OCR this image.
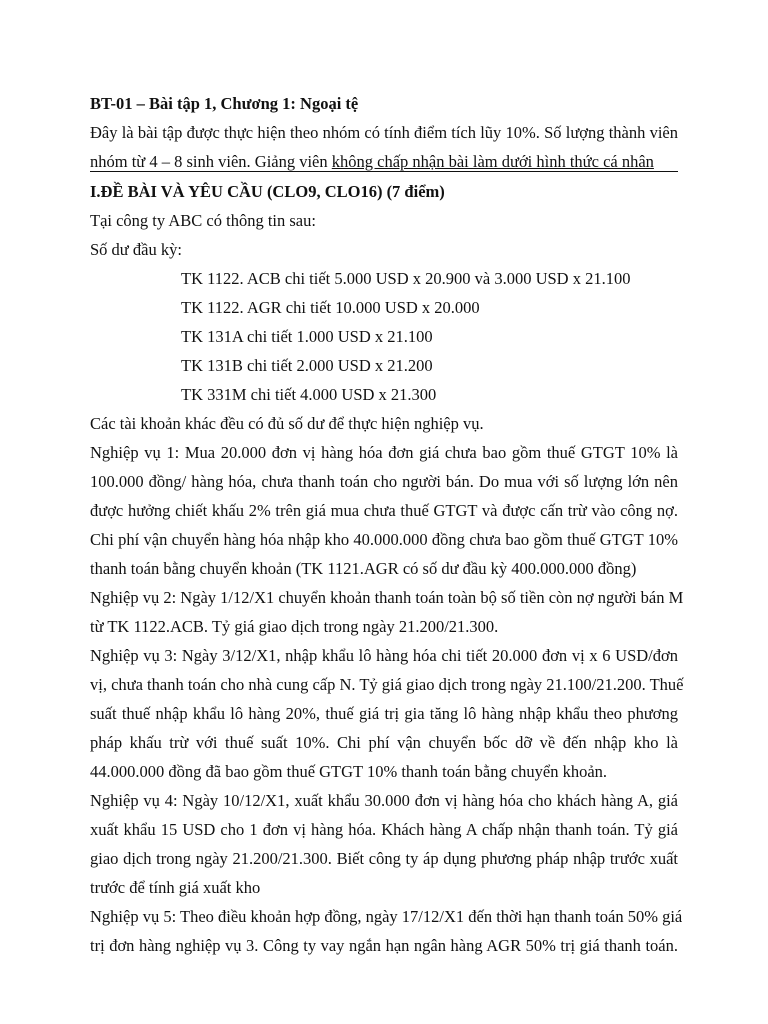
BT-01 – Bài tập 1, Chương 1: Ngoại tệ
Đây là bài tập được thực hiện theo nhóm có tính điểm tích lũy 10%. Số lượng thành viên
nhóm từ 4 – 8 sinh viên. Giảng viên không chấp nhận bài làm dưới hình thức cá nhân
I.ĐỀ BÀI VÀ YÊU CẦU (CLO9, CLO16) (7 điểm)
Tại công ty ABC có thông tin sau:
Số dư đầu kỳ:
TK 1122. ACB chi tiết 5.000 USD x 20.900 và 3.000 USD x 21.100
TK 1122. AGR chi tiết 10.000 USD x 20.000
TK 131A chi tiết 1.000 USD x 21.100
TK 131B chi tiết 2.000 USD x 21.200
TK 331M chi tiết 4.000 USD x 21.300
Các tài khoản khác đều có đủ số dư để thực hiện nghiệp vụ.
Nghiệp vụ 1: Mua 20.000 đơn vị hàng hóa đơn giá chưa bao gồm thuế GTGT 10% là
100.000 đồng/ hàng hóa, chưa thanh toán cho người bán. Do mua với số lượng lớn nên
được hưởng chiết khấu 2% trên giá mua chưa thuế GTGT và được cấn trừ vào công nợ.
Chi phí vận chuyển hàng hóa nhập kho 40.000.000 đồng chưa bao gồm thuế GTGT 10%
thanh toán bằng chuyển khoản (TK 1121.AGR có số dư đầu kỳ 400.000.000 đồng)
Nghiệp vụ 2: Ngày 1/12/X1 chuyển khoản thanh toán toàn bộ số tiền còn nợ người bán M
từ TK 1122.ACB. Tỷ giá giao dịch trong ngày 21.200/21.300.
Nghiệp vụ 3: Ngày 3/12/X1, nhập khẩu lô hàng hóa chi tiết 20.000 đơn vị x 6 USD/đơn
vị, chưa thanh toán cho nhà cung cấp N. Tỷ giá giao dịch trong ngày 21.100/21.200. Thuế
suất thuế nhập khẩu lô hàng 20%, thuế giá trị gia tăng lô hàng nhập khẩu theo phương
pháp khấu trừ với thuế suất 10%. Chi phí vận chuyển bốc dỡ về đến nhập kho là
44.000.000 đồng đã bao gồm thuế GTGT 10% thanh toán bằng chuyển khoản.
Nghiệp vụ 4: Ngày 10/12/X1, xuất khẩu 30.000 đơn vị hàng hóa cho khách hàng A, giá
xuất khẩu 15 USD cho 1 đơn vị hàng hóa. Khách hàng A chấp nhận thanh toán. Tỷ giá
giao dịch trong ngày 21.200/21.300. Biết công ty áp dụng phương pháp nhập trước xuất
trước để tính giá xuất kho
Nghiệp vụ 5: Theo điều khoản hợp đồng, ngày 17/12/X1 đến thời hạn thanh toán 50% giá
trị đơn hàng nghiệp vụ 3. Công ty vay ngắn hạn ngân hàng AGR 50% trị giá thanh toán.
